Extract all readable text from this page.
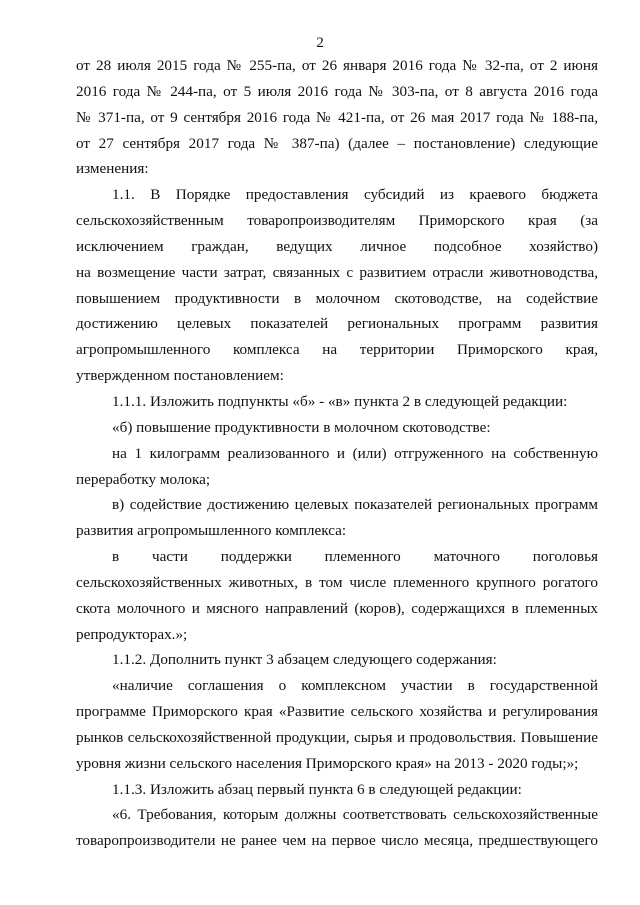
2
от 28 июля 2015 года № 255-па, от 26 января 2016 года № 32-па, от 2 июня
2016 года № 244-па, от 5 июля 2016 года № 303-па, от 8 августа 2016 года
№ 371-па, от 9 сентября 2016 года № 421-па, от 26 мая 2017 года № 188-па,
от 27 сентября 2017 года № 387-па) (далее – постановление) следующие
изменения:
1.1. В Порядке предоставления субсидий из краевого бюджета
сельскохозяйственным товаропроизводителям Приморского края (за
исключением граждан, ведущих личное подсобное хозяйство)
на возмещение части затрат, связанных с развитием отрасли животноводства,
повышением продуктивности в молочном скотоводстве, на содействие
достижению целевых показателей региональных программ развития
агропромышленного комплекса на территории Приморского края,
утвержденном постановлением:
1.1.1. Изложить подпункты «б» - «в» пункта 2 в следующей редакции:
«б) повышение продуктивности в молочном скотоводстве:
на 1 килограмм реализованного и (или) отгруженного на собственную
переработку молока;
в) содействие достижению целевых показателей региональных программ
развития агропромышленного комплекса:
в части поддержки племенного маточного поголовья
сельскохозяйственных животных, в том числе племенного крупного рогатого
скота молочного и мясного направлений (коров), содержащихся в племенных
репродукторах.»;
1.1.2. Дополнить пункт 3 абзацем следующего содержания:
«наличие соглашения о комплексном участии в государственной
программе Приморского края «Развитие сельского хозяйства и регулирования
рынков сельскохозяйственной продукции, сырья и продовольствия. Повышение
уровня жизни сельского населения Приморского края» на 2013 - 2020 годы;»;
1.1.3. Изложить абзац первый пункта 6 в следующей редакции:
«6. Требования, которым должны соответствовать сельскохозяйственные
товаропроизводители не ранее чем на первое число месяца, предшествующего
